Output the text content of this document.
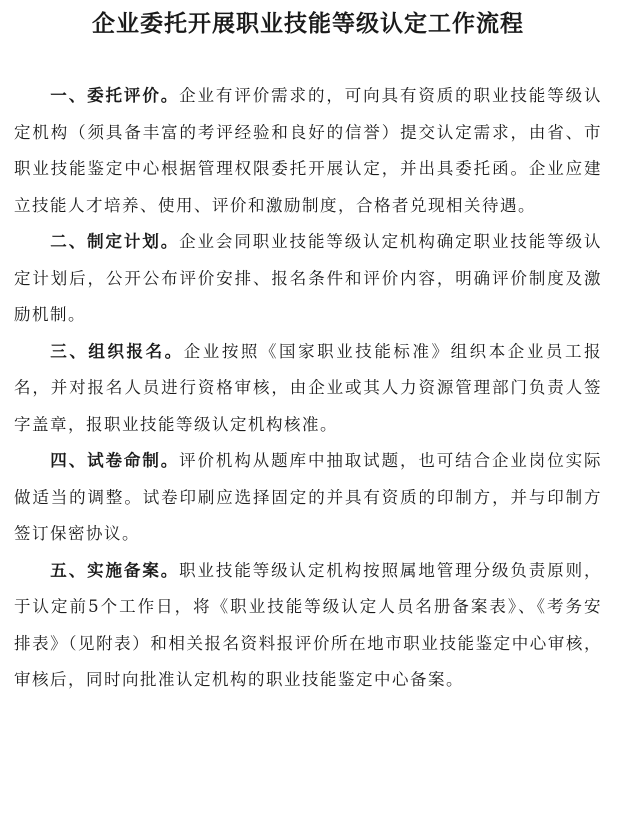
企业委托开展职业技能等级认定工作流程

一、委托评价。企业有评价需求的，可向具有资质的职业技能等级认定机构（须具备丰富的考评经验和良好的信誉）提交认定需求，由省、市职业技能鉴定中心根据管理权限委托开展认定，并出具委托函。企业应建立技能人才培养、使用、评价和激励制度，合格者兑现相关待遇。

二、制定计划。企业会同职业技能等级认定机构确定职业技能等级认定计划后，公开公布评价安排、报名条件和评价内容，明确评价制度及激励机制。

三、组织报名。企业按照《国家职业技能标准》组织本企业员工报名，并对报名人员进行资格审核，由企业或其人力资源管理部门负责人签字盖章，报职业技能等级认定机构核准。

四、试卷命制。评价机构从题库中抽取试题，也可结合企业岗位实际做适当的调整。试卷印刷应选择固定的并具有资质的印制方，并与印制方签订保密协议。

五、实施备案。职业技能等级认定机构按照属地管理分级负责原则，于认定前5个工作日，将《职业技能等级认定人员名册备案表》、《考务安排表》（见附表）和相关报名资料报评价所在地市职业技能鉴定中心审核，审核后，同时向批准认定机构的职业技能鉴定中心备案。
